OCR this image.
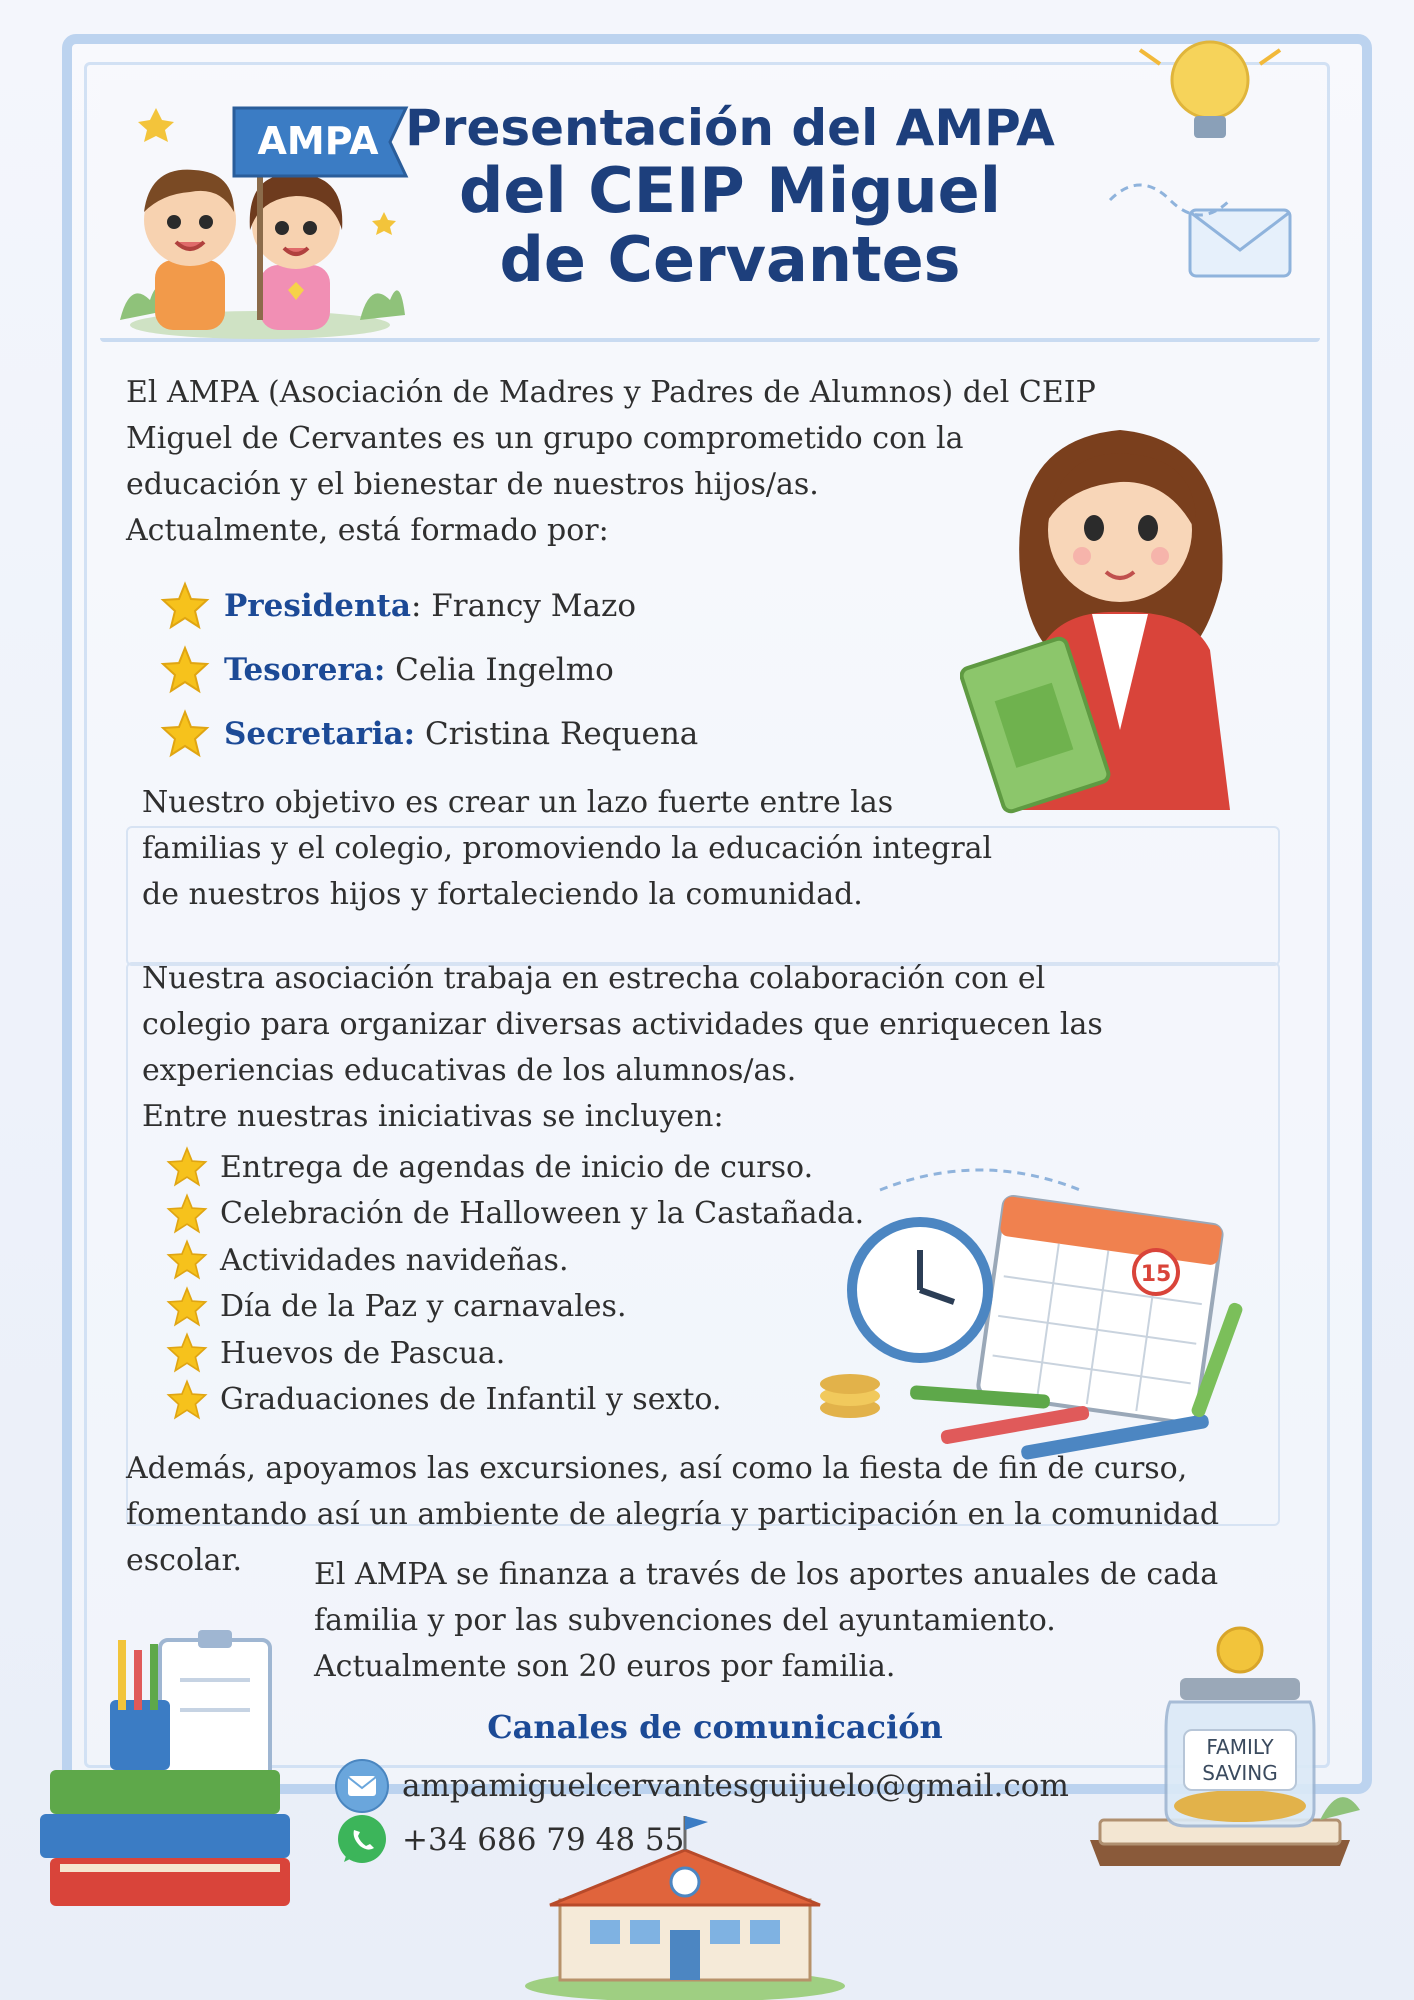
AMPA Presentación del AMPA
del CEIP Miguel
de Cervantes
El AMPA (Asociación de Madres y Padres de Alumnos) del CEIP
Miguel de Cervantes es un grupo comprometido con la
educación y el bienestar de nuestros hijos/as.
Actualmente, está formado por:
Presidenta : Francy Mazo
Tesorera:
Celia Ingelmo
Secretaria:
Cristina Requena
Nuestro objetivo es crear un lazo fuerte entre las
familias y el colegio, promoviendo la educación integral
de nuestros hijos y fortaleciendo la comunidad.
Nuestra asociación trabaja en estrecha colaboración con el
colegio para organizar diversas actividades que enriquecen las
experiencias educativas de los alumnos/as.
Entre nuestras iniciativas se incluyen:
Entrega de agendas de inicio de curso.
Celebración de Halloween y la Castañada.
Actividades navideñas.
Día de la Paz y carnavales.
Huevos de Pascua.
Graduaciones de Infantil y sexto.
15
Además, apoyamos las excursiones, así como la fiesta de fin de curso,
fomentando así un ambiente de alegría y participación en la comunidad
escolar.	El AMPA se finanza a través de los aportes anuales de cada
familia y por las subvenciones del ayuntamiento.
Actualmente son 20 euros por familia.
Canales de comunicación
ampamiguelcervantesguijuelo@gmail.com
+34 686 79 48 55
FAMILY
SAVING
